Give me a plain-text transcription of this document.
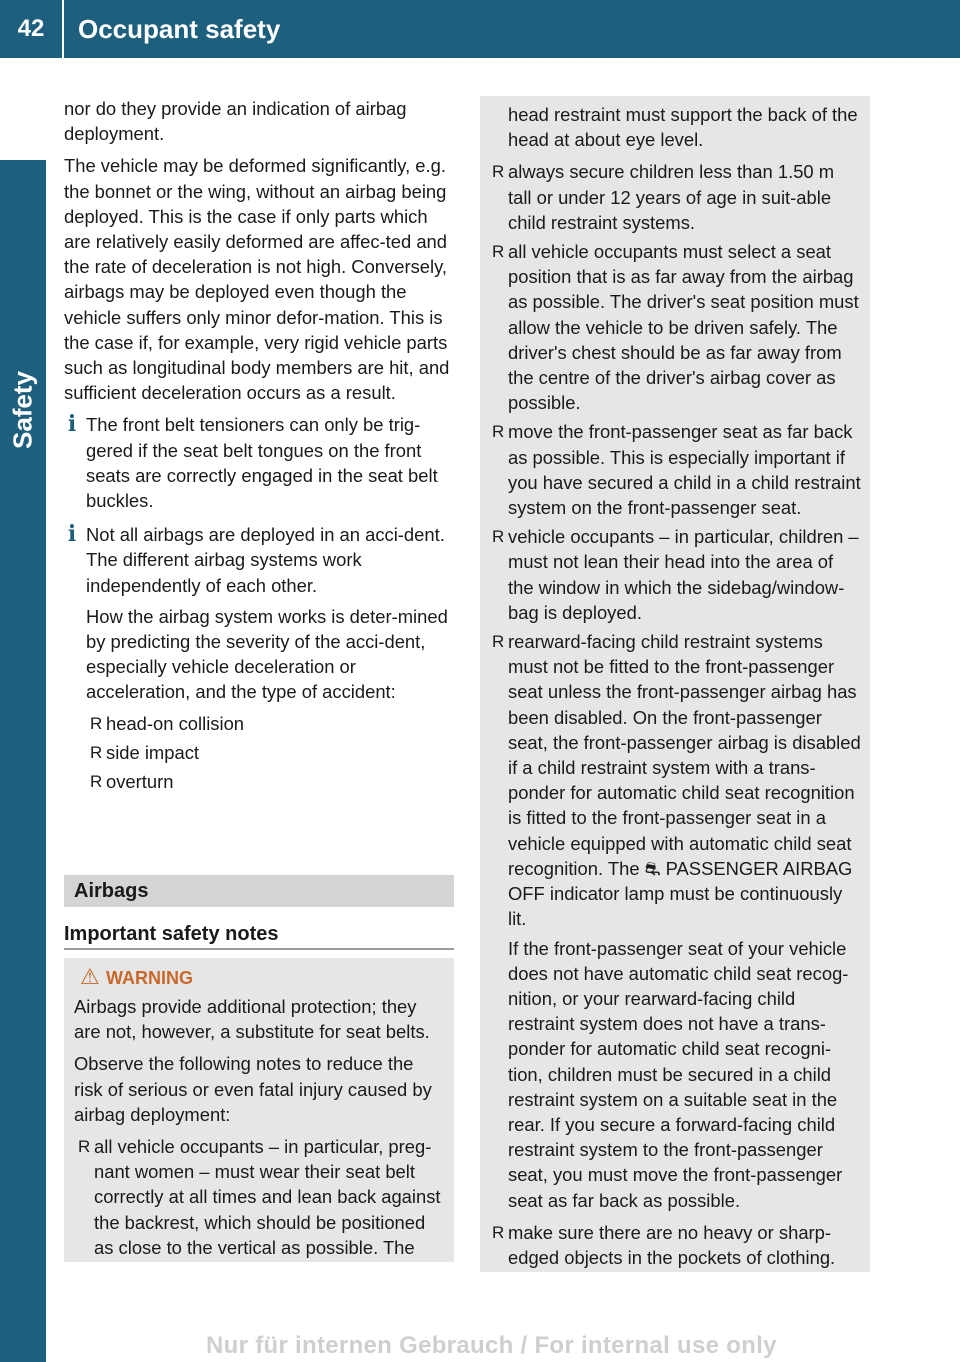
42	Occupant safety
Safety

nor do they provide an indication of airbag deployment.

The vehicle may be deformed significantly, e.g. the bonnet or the wing, without an airbag being deployed. This is the case if only parts which are relatively easily deformed are affec-ted and the rate of deceleration is not high. Conversely, airbags may be deployed even though the vehicle suffers only minor defor-mation. This is the case if, for example, very rigid vehicle parts such as longitudinal body members are hit, and sufficient deceleration occurs as a result.

i The front belt tensioners can only be trig-gered if the seat belt tongues on the front seats are correctly engaged in the seat belt buckles.

i Not all airbags are deployed in an acci-dent. The different airbag systems work independently of each other.

How the airbag system works is deter-mined by predicting the severity of the acci-dent, especially vehicle deceleration or acceleration, and the type of accident:

R head-on collision
R side impact
R overturn
Airbags
Important safety notes
⚠ WARNING

Airbags provide additional protection; they are not, however, a substitute for seat belts.

Observe the following notes to reduce the risk of serious or even fatal injury caused by airbag deployment:

R all vehicle occupants – in particular, preg-nant women – must wear their seat belt correctly at all times and lean back against the backrest, which should be positioned as close to the vertical as possible. The

head restraint must support the back of the head at about eye level.

R always secure children less than 1.50 m tall or under 12 years of age in suit-able child restraint systems.
R all vehicle occupants must select a seat position that is as far away from the airbag as possible. The driver's seat position must allow the vehicle to be driven safely. The driver's chest should be as far away from the centre of the driver's airbag cover as possible.
R move the front-passenger seat as far back as possible. This is especially important if you have secured a child in a child restraint system on the front-passenger seat.
R vehicle occupants – in particular, children – must not lean their head into the area of the window in which the sidebag/window-bag is deployed.
R rearward-facing child restraint systems must not be fitted to the front-passenger seat unless the front-passenger airbag has been disabled. On the front-passenger seat, the front-passenger airbag is disabled if a child restraint system with a trans-ponder for automatic child seat recognition is fitted to the front-passenger seat in a vehicle equipped with automatic child seat recognition. The ⛐ PASSENGER AIRBAG OFF indicator lamp must be continuously lit.

If the front-passenger seat of your vehicle does not have automatic child seat recog-nition, or your rearward-facing child restraint system does not have a trans-ponder for automatic child seat recogni-tion, children must be secured in a child restraint system on a suitable seat in the rear. If you secure a forward-facing child restraint system to the front-passenger seat, you must move the front-passenger seat as far back as possible.

R make sure there are no heavy or sharp-edged objects in the pockets of clothing.
Nur für internen Gebrauch / For internal use only
